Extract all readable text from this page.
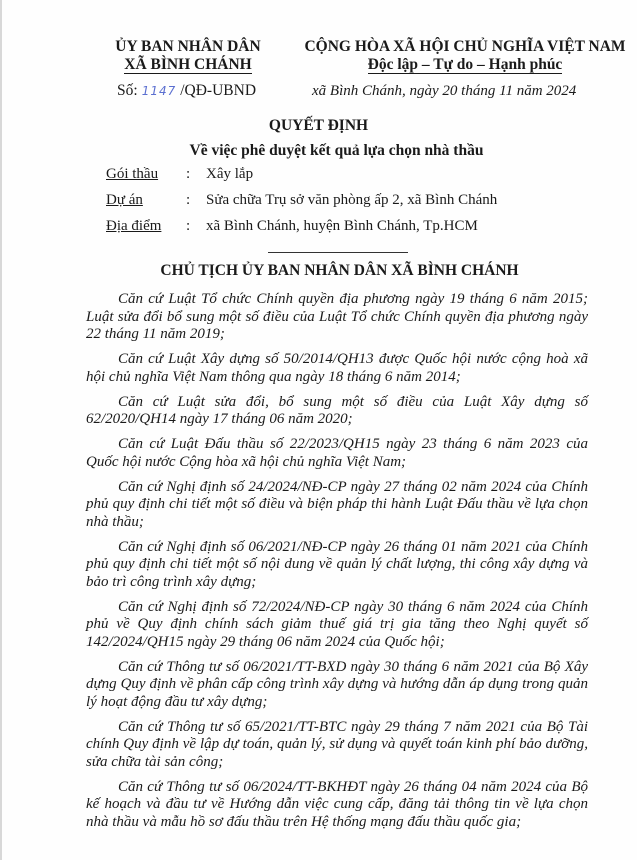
ỦY BAN NHÂN DÂN
XÃ BÌNH CHÁNH
Số: 1147 /QĐ-UBND
CỘNG HÒA XÃ HỘI CHỦ NGHĨA VIỆT NAM
Độc lập – Tự do – Hạnh phúc
xã Bình Chánh, ngày 20 tháng 11 năm 2024
QUYẾT ĐỊNH
Về việc phê duyệt kết quả lựa chọn nhà thầu
Gói thầu : Xây lắp
Dự án	: Sửa chữa Trụ sở văn phòng ấp 2, xã Bình Chánh
Địa điểm : xã Bình Chánh, huyện Bình Chánh, Tp.HCM
CHỦ TỊCH ỦY BAN NHÂN DÂN XÃ BÌNH CHÁNH

Căn cứ Luật Tổ chức Chính quyền địa phương ngày 19 tháng 6 năm 2015; Luật sửa đổi bổ sung một số điều của Luật Tổ chức Chính quyền địa phương ngày 22 tháng 11 năm 2019;

Căn cứ Luật Xây dựng số 50/2014/QH13 được Quốc hội nước cộng hoà xã hội chủ nghĩa Việt Nam thông qua ngày 18 tháng 6 năm 2014;

Căn cứ Luật sửa đổi, bổ sung một số điều của Luật Xây dựng số 62/2020/QH14 ngày 17 tháng 06 năm 2020;

Căn cứ Luật Đấu thầu số 22/2023/QH15 ngày 23 tháng 6 năm 2023 của Quốc hội nước Cộng hòa xã hội chủ nghĩa Việt Nam;

Căn cứ Nghị định số 24/2024/NĐ-CP ngày 27 tháng 02 năm 2024 của Chính phủ quy định chi tiết một số điều và biện pháp thi hành Luật Đấu thầu về lựa chọn nhà thầu;

Căn cứ Nghị định số 06/2021/NĐ-CP ngày 26 tháng 01 năm 2021 của Chính phủ quy định chi tiết một số nội dung về quản lý chất lượng, thi công xây dựng và bảo trì công trình xây dựng;

Căn cứ Nghị định số 72/2024/NĐ-CP ngày 30 tháng 6 năm 2024 của Chính phủ về Quy định chính sách giảm thuế giá trị gia tăng theo Nghị quyết số 142/2024/QH15 ngày 29 tháng 06 năm 2024 của Quốc hội;

Căn cứ Thông tư số 06/2021/TT-BXD ngày 30 tháng 6 năm 2021 của Bộ Xây dựng Quy định về phân cấp công trình xây dựng và hướng dẫn áp dụng trong quản lý hoạt động đầu tư xây dựng;

Căn cứ Thông tư số 65/2021/TT-BTC ngày 29 tháng 7 năm 2021 của Bộ Tài chính Quy định về lập dự toán, quản lý, sử dụng và quyết toán kinh phí bảo dưỡng, sửa chữa tài sản công;

Căn cứ Thông tư số 06/2024/TT-BKHĐT ngày 26 tháng 04 năm 2024 của Bộ kế hoạch và đầu tư về Hướng dẫn việc cung cấp, đăng tải thông tin về lựa chọn nhà thầu và mẫu hồ sơ đấu thầu trên Hệ thống mạng đấu thầu quốc gia;
